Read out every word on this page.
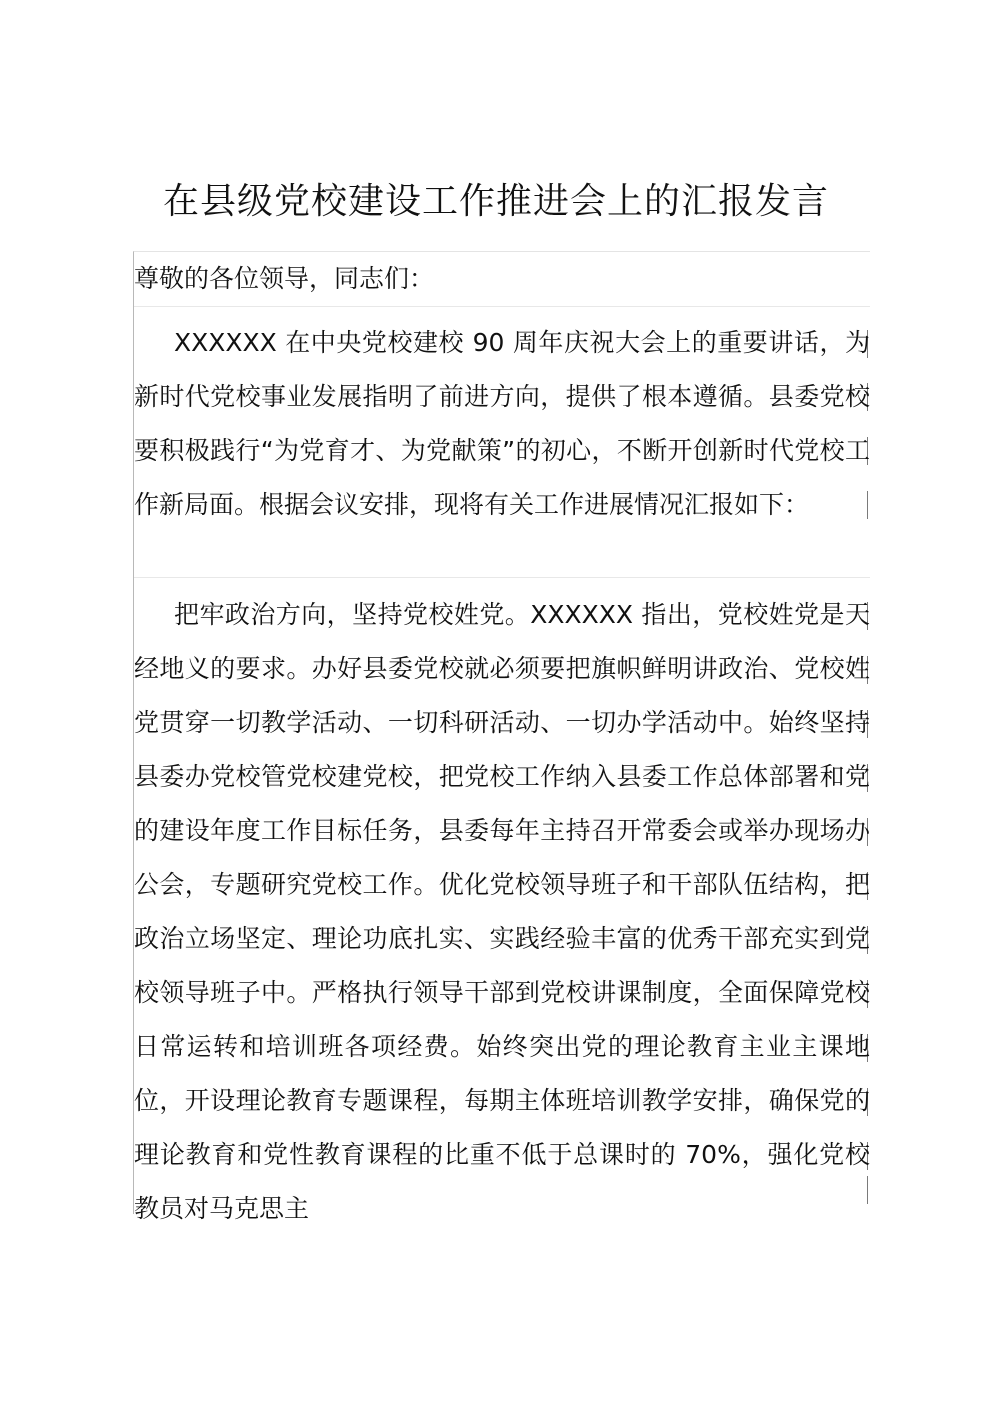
在县级党校建设工作推进会上的汇报发言
尊敬的各位领导，同志们：
XXXXXX 在中央党校建校 90 周年庆祝大会上的重要讲话，为新时代党校事业发展指明了前进方向，提供了根本遵循。县委党校要积极践行“为党育才、为党献策”的初心，不断开创新时代党校工作新局面。根据会议安排，现将有关工作进展情况汇报如下：
把牢政治方向，坚持党校姓党。XXXXXX 指出，党校姓党是天经地义的要求。办好县委党校就必须要把旗帜鲜明讲政治、党校姓党贯穿一切教学活动、一切科研活动、一切办学活动中。始终坚持县委办党校管党校建党校，把党校工作纳入县委工作总体部署和党的建设年度工作目标任务，县委每年主持召开常委会或举办现场办公会，专题研究党校工作。优化党校领导班子和干部队伍结构，把政治立场坚定、理论功底扎实、实践经验丰富的优秀干部充实到党校领导班子中。严格执行领导干部到党校讲课制度，全面保障党校日常运转和培训班各项经费。始终突出党的理论教育主业主课地位，开设理论教育专题课程，每期主体班培训教学安排，确保党的理论教育和党性教育课程的比重不低于总课时的 70%，强化党校教员对马克思主
